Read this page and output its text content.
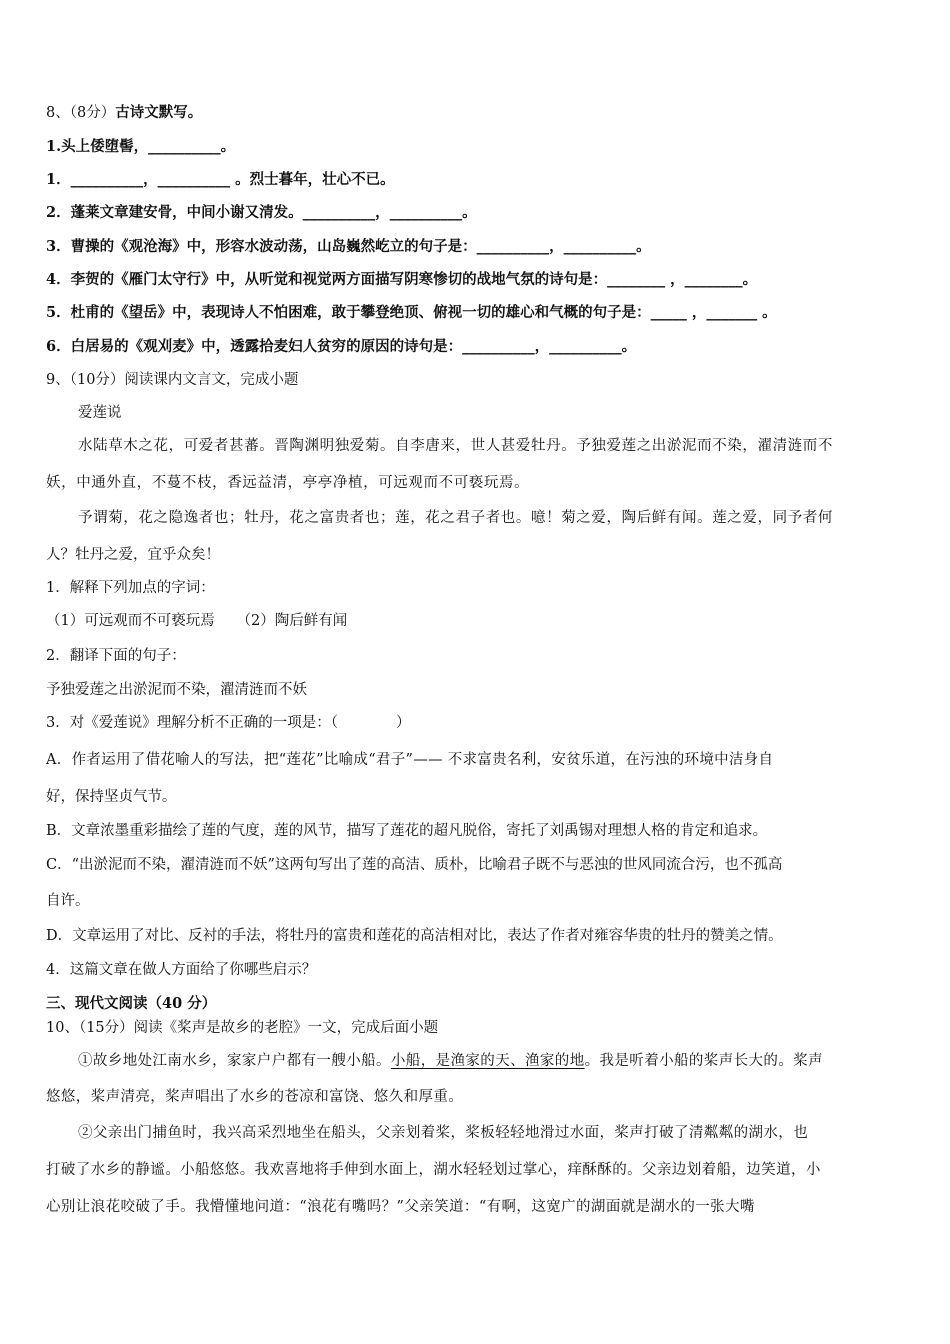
8、（8分）古诗文默写。
1.头上倭堕髻，__________。
1．__________，__________ 。烈士暮年，壮心不已。
2．蓬莱文章建安骨，中间小谢又清发。__________，__________。
3．曹操的《观沧海》中，形容水波动荡，山岛巍然屹立的句子是：__________，__________。
4．李贺的《雁门太守行》中，从听觉和视觉两方面描写阴寒惨切的战地气氛的诗句是：________ ，________。
5．杜甫的《望岳》中，表现诗人不怕困难，敢于攀登绝顶、俯视一切的雄心和气概的句子是：_____ ，_______ 。
6．白居易的《观刈麦》中，透露拾麦妇人贫穷的原因的诗句是：__________，__________。
9、（10分）阅读课内文言文，完成小题
爱莲说
水陆草木之花，可爱者甚蕃。晋陶渊明独爱菊。自李唐来，世人甚爱牡丹。予独爱莲之出淤泥而不染，濯清涟而不
妖，中通外直，不蔓不枝，香远益清，亭亭净植，可远观而不可亵玩焉。
予谓菊，花之隐逸者也；牡丹，花之富贵者也；莲，花之君子者也。噫！菊之爱，陶后鲜有闻。莲之爱，同予者何
人？牡丹之爱，宜乎众矣！
1．解释下列加点的字词：
（1）可远观而不可亵玩焉　　（2）陶后鲜有闻
2．翻译下面的句子：
予独爱莲之出淤泥而不染，濯清涟而不妖
3．对《爱莲说》理解分析不正确的一项是：（　　　　）
A．作者运用了借花喻人的写法，把“莲花”比喻成“君子”—— 不求富贵名利，安贫乐道，在污浊的环境中洁身自
好，保持坚贞气节。
B．文章浓墨重彩描绘了莲的气度，莲的风节，描写了莲花的超凡脱俗，寄托了刘禹锡对理想人格的肯定和追求。
C．“出淤泥而不染，濯清涟而不妖”这两句写出了莲的高洁、质朴，比喻君子既不与恶浊的世风同流合污，也不孤高
自许。
D．文章运用了对比、反衬的手法，将牡丹的富贵和莲花的高洁相对比，表达了作者对雍容华贵的牡丹的赞美之情。
4．这篇文章在做人方面给了你哪些启示？
三、现代文阅读（40 分）
10、（15分）阅读《桨声是故乡的老腔》一文，完成后面小题
①故乡地处江南水乡，家家户户都有一艘小船。小船，是渔家的天、渔家的地。我是听着小船的桨声长大的。桨声
悠悠，桨声清亮，桨声唱出了水乡的苍凉和富饶、悠久和厚重。
②父亲出门捕鱼时，我兴高采烈地坐在船头，父亲划着桨，桨板轻轻地滑过水面，桨声打破了清粼粼的湖水，也
打破了水乡的静谧。小船悠悠。我欢喜地将手伸到水面上，湖水轻轻划过掌心，痒酥酥的。父亲边划着船，边笑道，小
心别让浪花咬破了手。我懵懂地问道：“浪花有嘴吗？”父亲笑道：“有啊，这宽广的湖面就是湖水的一张大嘴
